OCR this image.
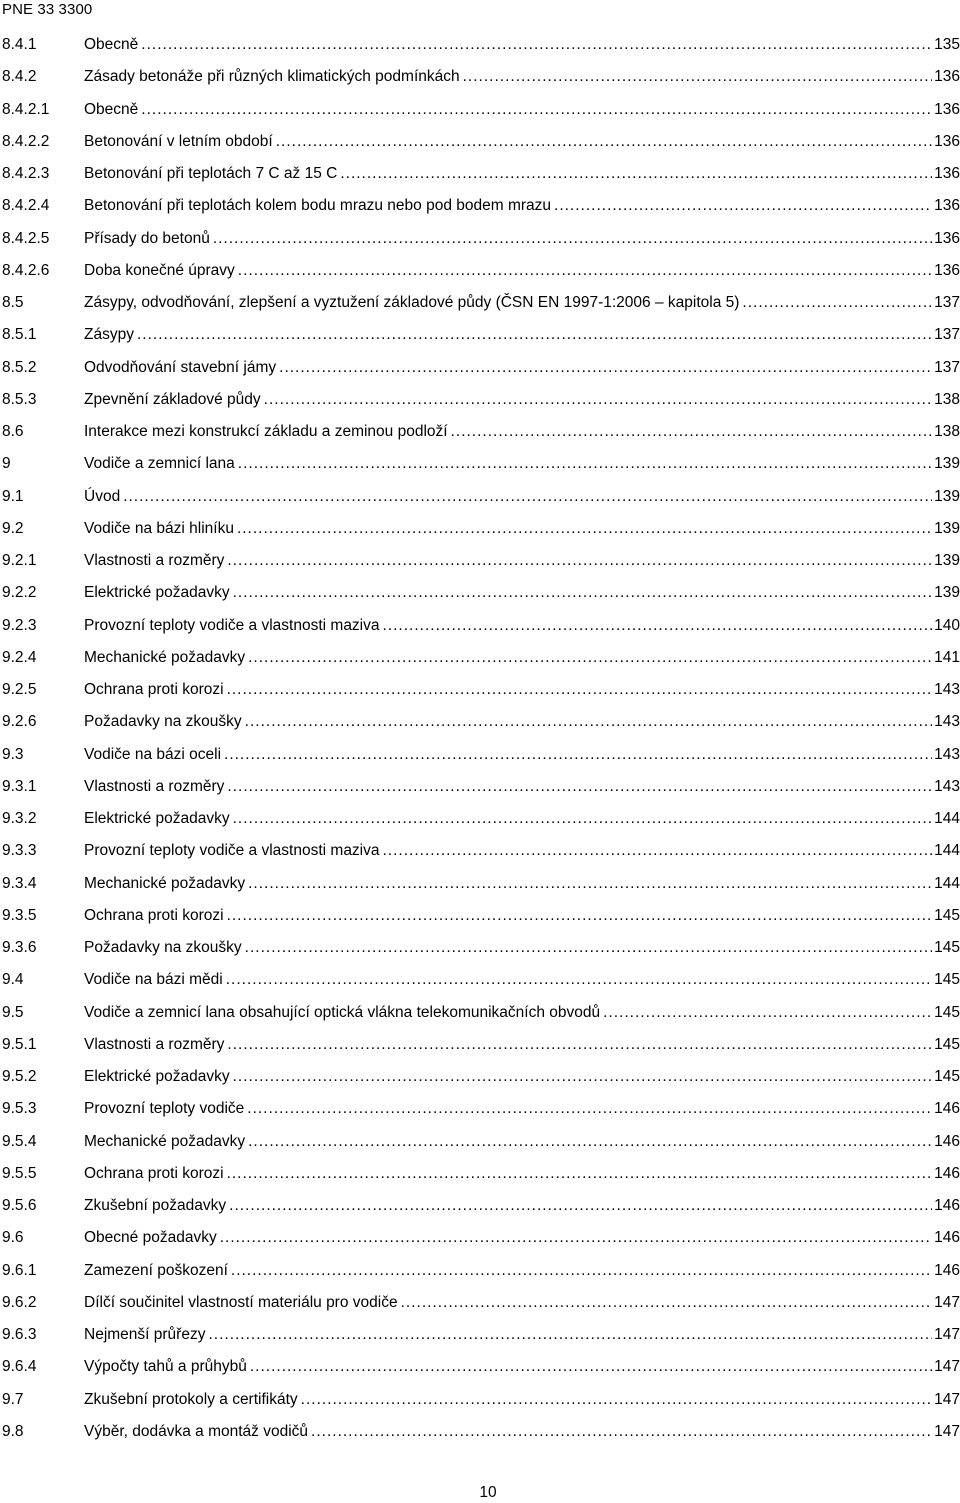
PNE 33 3300
8.4.1	Obecně .....	135
8.4.2	Zásady betonáže při různých klimatických podmínkách .....	136
8.4.2.1	Obecně .....	136
8.4.2.2	Betonování v letním období .....	136
8.4.2.3	Betonování při teplotách 7 C až 15 C .....	136
8.4.2.4	Betonování při teplotách kolem bodu mrazu nebo pod bodem mrazu .....	136
8.4.2.5	Přísady do betonů .....	136
8.4.2.6	Doba konečné úpravy .....	136
8.5	Zásypy, odvodňování, zlepšení a vyztužení základové půdy (ČSN EN 1997-1:2006 – kapitola 5) .....	137
8.5.1	Zásypy .....	137
8.5.2	Odvodňování stavební jámy .....	137
8.5.3	Zpevnění základové půdy .....	138
8.6	Interakce mezi konstrukcí základu a zeminou podloží .....	138
9	Vodiče a zemnicí lana .....	139
9.1	Úvod .....	139
9.2	Vodiče na bázi hliníku .....	139
9.2.1	Vlastnosti a rozměry .....	139
9.2.2	Elektrické požadavky .....	139
9.2.3	Provozní teploty vodiče a vlastnosti maziva .....	140
9.2.4	Mechanické požadavky .....	141
9.2.5	Ochrana proti korozi .....	143
9.2.6	Požadavky na zkoušky .....	143
9.3	Vodiče na bázi oceli .....	143
9.3.1	Vlastnosti a rozměry .....	143
9.3.2	Elektrické požadavky .....	144
9.3.3	Provozní teploty vodiče a vlastnosti maziva .....	144
9.3.4	Mechanické požadavky .....	144
9.3.5	Ochrana proti korozi .....	145
9.3.6	Požadavky na zkoušky .....	145
9.4	Vodiče na bázi mědi .....	145
9.5	Vodiče a zemnicí lana obsahující optická vlákna telekomunikačních obvodů .....	145
9.5.1	Vlastnosti a rozměry .....	145
9.5.2	Elektrické požadavky .....	145
9.5.3	Provozní teploty vodiče .....	146
9.5.4	Mechanické požadavky .....	146
9.5.5	Ochrana proti korozi .....	146
9.5.6	Zkušební požadavky .....	146
9.6	Obecné požadavky .....	146
9.6.1	Zamezení poškození .....	146
9.6.2	Dílčí součinitel vlastností materiálu pro vodiče .....	147
9.6.3	Nejmenší průřezy .....	147
9.6.4	Výpočty tahů a průhybů .....	147
9.7	Zkušební protokoly a certifikáty .....	147
9.8	Výběr, dodávka a montáž vodičů .....	147
10
